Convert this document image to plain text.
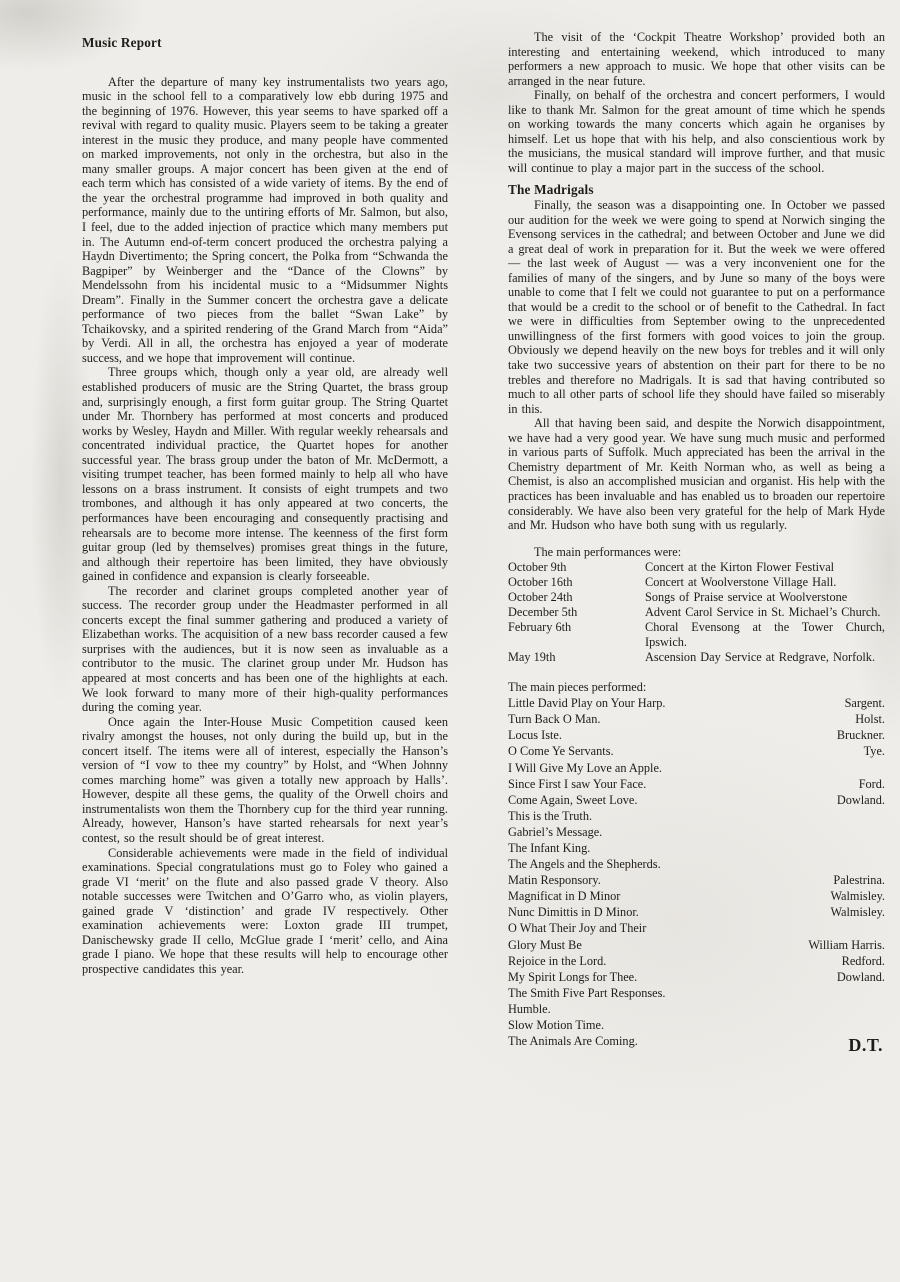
Music Report

After the departure of many key instrumentalists two years ago, music in the school fell to a comparatively low ebb during 1975 and the beginning of 1976. However, this year seems to have sparked off a revival with regard to quality music. Players seem to be taking a greater interest in the music they produce, and many people have commented on marked improvements, not only in the orchestra, but also in the many smaller groups. A major concert has been given at the end of each term which has consisted of a wide variety of items. By the end of the year the orchestral programme had improved in both quality and performance, mainly due to the untiring efforts of Mr. Salmon, but also, I feel, due to the added injection of practice which many members put in. The Autumn end-of-term concert produced the orchestra palying a Haydn Divertimento; the Spring concert, the Polka from “Schwanda the Bagpiper” by Weinberger and the “Dance of the Clowns” by Mendelssohn from his incidental music to a “Midsummer Nights Dream”. Finally in the Summer concert the orchestra gave a delicate performance of two pieces from the ballet “Swan Lake” by Tchaikovsky, and a spirited rendering of the Grand March from “Aida” by Verdi. All in all, the orchestra has enjoyed a year of moderate success, and we hope that improvement will continue.

Three groups which, though only a year old, are already well established producers of music are the String Quartet, the brass group and, surprisingly enough, a first form guitar group. The String Quartet under Mr. Thornbery has performed at most concerts and produced works by Wesley, Haydn and Miller. With regular weekly rehearsals and concentrated individual practice, the Quartet hopes for another successful year. The brass group under the baton of Mr. McDermott, a visiting trumpet teacher, has been formed mainly to help all who have lessons on a brass instrument. It consists of eight trumpets and two trombones, and although it has only appeared at two concerts, the performances have been encouraging and consequently practising and rehearsals are to become more intense. The keenness of the first form guitar group (led by themselves) promises great things in the future, and although their repertoire has been limited, they have obviously gained in confidence and expansion is clearly forseeable.

The recorder and clarinet groups completed another year of success. The recorder group under the Headmaster performed in all concerts except the final summer gathering and produced a variety of Elizabethan works. The acquisition of a new bass recorder caused a few surprises with the audiences, but it is now seen as invaluable as a contributor to the music. The clarinet group under Mr. Hudson has appeared at most concerts and has been one of the highlights at each. We look forward to many more of their high-quality performances during the coming year.

Once again the Inter-House Music Competition caused keen rivalry amongst the houses, not only during the build up, but in the concert itself. The items were all of interest, especially the Hanson’s version of “I vow to thee my country” by Holst, and “When Johnny comes marching home” was given a totally new approach by Halls’. However, despite all these gems, the quality of the Orwell choirs and instrumentalists won them the Thornbery cup for the third year running. Already, however, Hanson’s have started rehearsals for next year’s contest, so the result should be of great interest.

Considerable achievements were made in the field of individual examinations. Special congratulations must go to Foley who gained a grade VI ‘merit’ on the flute and also passed grade V theory. Also notable successes were Twitchen and O’Garro who, as violin players, gained grade V ‘distinction’ and grade IV respectively. Other examination achievements were: Loxton grade III trumpet, Danischewsky grade II cello, McGlue grade I ‘merit’ cello, and Aina grade I piano. We hope that these results will help to encourage other prospective candidates this year.

The visit of the ‘Cockpit Theatre Workshop’ provided both an interesting and entertaining weekend, which introduced to many performers a new approach to music. We hope that other visits can be arranged in the near future.

Finally, on behalf of the orchestra and concert performers, I would like to thank Mr. Salmon for the great amount of time which he spends on working towards the many concerts which again he organises by himself. Let us hope that with his help, and also conscientious work by the musicians, the musical standard will improve further, and that music will continue to play a major part in the success of the school.

The Madrigals

Finally, the season was a disappointing one. In October we passed our audition for the week we were going to spend at Norwich singing the Evensong services in the cathedral; and between October and June we did a great deal of work in preparation for it. But the week we were offered — the last week of August — was a very inconvenient one for the families of many of the singers, and by June so many of the boys were unable to come that I felt we could not guarantee to put on a performance that would be a credit to the school or of benefit to the Cathedral. In fact we were in difficulties from September owing to the unprecedented unwillingness of the first formers with good voices to join the group. Obviously we depend heavily on the new boys for trebles and it will only take two successive years of abstention on their part for there to be no trebles and therefore no Madrigals. It is sad that having contributed so much to all other parts of school life they should have failed so miserably in this.

All that having been said, and despite the Norwich disappointment, we have had a very good year. We have sung much music and performed in various parts of Suffolk. Much appreciated has been the arrival in the Chemistry department of Mr. Keith Norman who, as well as being a Chemist, is also an accomplished musician and organist. His help with the practices has been invaluable and has enabled us to broaden our repertoire considerably. We have also been very grateful for the help of Mark Hyde and Mr. Hudson who have both sung with us regularly.

The main performances were:

October 9th	Concert at the Kirton Flower Festival
October 16th	Concert at Woolverstone Village Hall.
October 24th	Songs of Praise service at Woolverstone
December 5th	Advent Carol Service in St. Michael’s Church.
February 6th	Choral Evensong at the Tower Church, Ipswich.
May 19th	Ascension Day Service at Redgrave, Norfolk.

The main pieces performed:

Little David Play on Your Harp.	Sargent.
Turn Back O Man.	Holst.
Locus Iste.	Bruckner.
O Come Ye Servants.	Tye.
I Will Give My Love an Apple.
Since First I saw Your Face.	Ford.
Come Again, Sweet Love.	Dowland.
This is the Truth.
Gabriel’s Message.
The Infant King.
The Angels and the Shepherds.
Matin Responsory.	Palestrina.
Magnificat in D Minor	Walmisley.
Nunc Dimittis in D Minor.	Walmisley.
O What Their Joy and Their
Glory Must Be	William Harris.
Rejoice in the Lord.	Redford.
My Spirit Longs for Thee.	Dowland.
The Smith Five Part Responses.
Humble.
Slow Motion Time.
The Animals Are Coming.	D.T.
